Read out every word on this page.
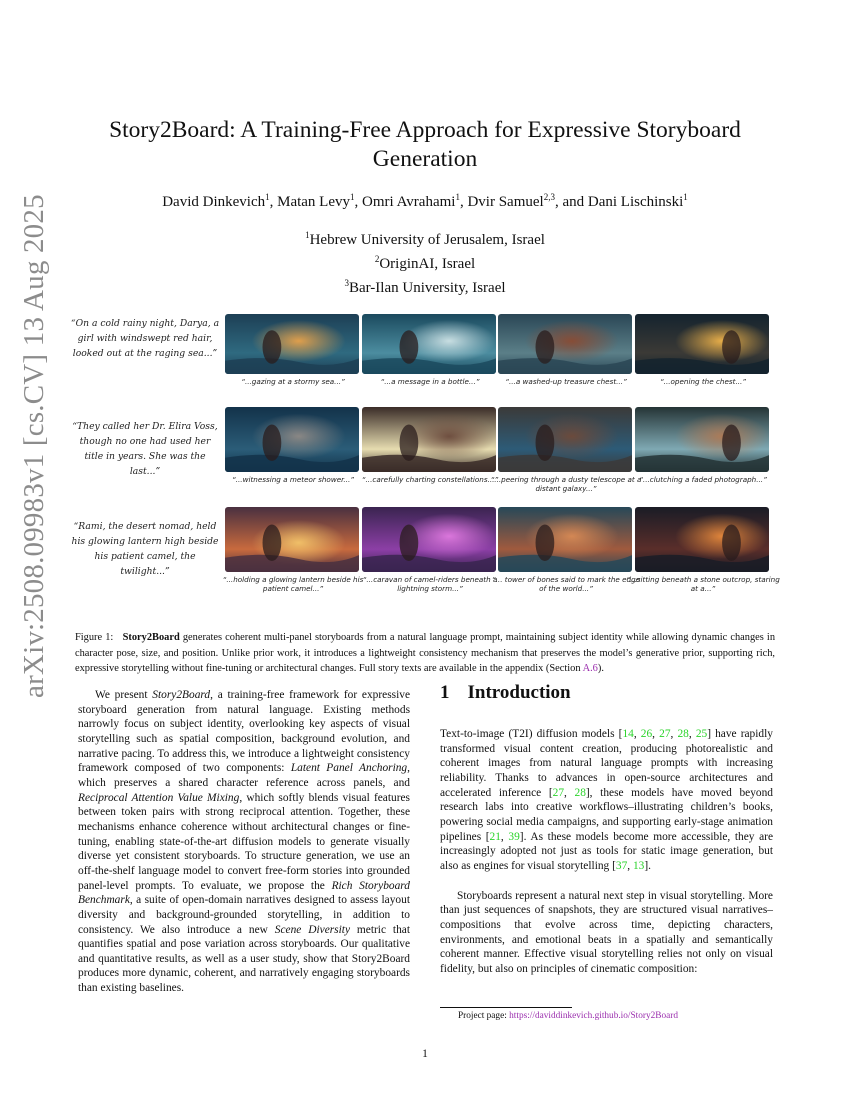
arXiv:2508.09983v1 [cs.CV] 13 Aug 2025
Story2Board: A Training-Free Approach for Expressive Storyboard
Generation
David Dinkevich$^1$, Matan Levy$^1$, Omri Avrahami$^1$, Dvir Samuel$^{2,3}$, and Dani Lischinski$^1$
$^1$Hebrew University of Jerusalem, Israel
$^2$OriginAI, Israel
$^3$Bar-Ilan University, Israel
“On a cold rainy night, Darya, a girl with windswept red hair, looked out at the raging sea...”
“...gazing at a stormy sea...”	“...a message in a bottle...”	“...a washed-up treasure chest...”	“...opening the chest...”
“They called her Dr. Elira Voss, though no one had used her title in years. She was the last...”
“...witnessing a meteor shower...”	“...carefully charting constellations...”
“...peering through a dusty telescope at a distant galaxy...”
“...clutching a faded photograph...”
“Rami, the desert nomad, held his glowing lantern high beside his patient camel, the twilight...”
“...holding a glowing lantern beside his patient camel...”
“...caravan of camel-riders beneath a lightning storm...”
“... tower of bones said to mark the edge of the world...”
“...sitting beneath a stone outcrop, staring at a...”
Figure 1: Story2Board generates coherent multi-panel storyboards from a natural language prompt, maintaining subject identity while allowing dynamic changes in character pose, size, and position. Unlike prior work, it introduces a lightweight consistency mechanism that preserves the model’s generative prior, supporting rich, expressive storytelling without fine-tuning or architectural changes. Full story texts are available in the appendix (Section A.6).

We present Story2Board, a training-free framework for expressive storyboard generation from natural language. Existing methods narrowly focus on subject identity, overlooking key aspects of visual storytelling such as spatial composition, background evolution, and narrative pacing. To address this, we introduce a lightweight consistency framework composed of two components: Latent Panel Anchoring, which preserves a shared character reference across panels, and Reciprocal Attention Value Mixing, which softly blends visual features between token pairs with strong reciprocal attention. Together, these mechanisms enhance coherence without architectural changes or fine-tuning, enabling state-of-the-art diffusion models to generate visually diverse yet consistent storyboards. To structure generation, we use an off-the-shelf language model to convert free-form stories into grounded panel-level prompts. To evaluate, we propose the Rich Storyboard Benchmark, a suite of open-domain narratives designed to assess layout diversity and background-grounded storytelling, in addition to consistency. We also introduce a new Scene Diversity metric that quantifies spatial and pose variation across storyboards. Our qualitative and quantitative results, as well as a user study, show that Story2Board produces more dynamic, coherent, and narratively engaging storyboards than existing baselines.

1 Introduction

Text-to-image (T2I) diffusion models [14, 26, 27, 28, 25] have rapidly transformed visual content creation, producing photorealistic and coherent images from natural language prompts with increasing reliability. Thanks to advances in open-source architectures and accelerated inference [27, 28], these models have moved beyond research labs into creative workflows–illustrating children’s books, powering social media campaigns, and supporting early-stage animation pipelines [21, 39]. As these models become more accessible, they are increasingly adopted not just as tools for static image generation, but also as engines for visual storytelling [37, 13].

Storyboards represent a natural next step in visual storytelling. More than just sequences of snapshots, they are structured visual narratives–compositions that evolve across time, depicting characters, environments, and emotional beats in a spatially and semantically coherent manner. Effective visual storytelling relies not only on visual fidelity, but also on principles of cinematic composition:

Project page: https://daviddinkevich.github.io/Story2Board
1
